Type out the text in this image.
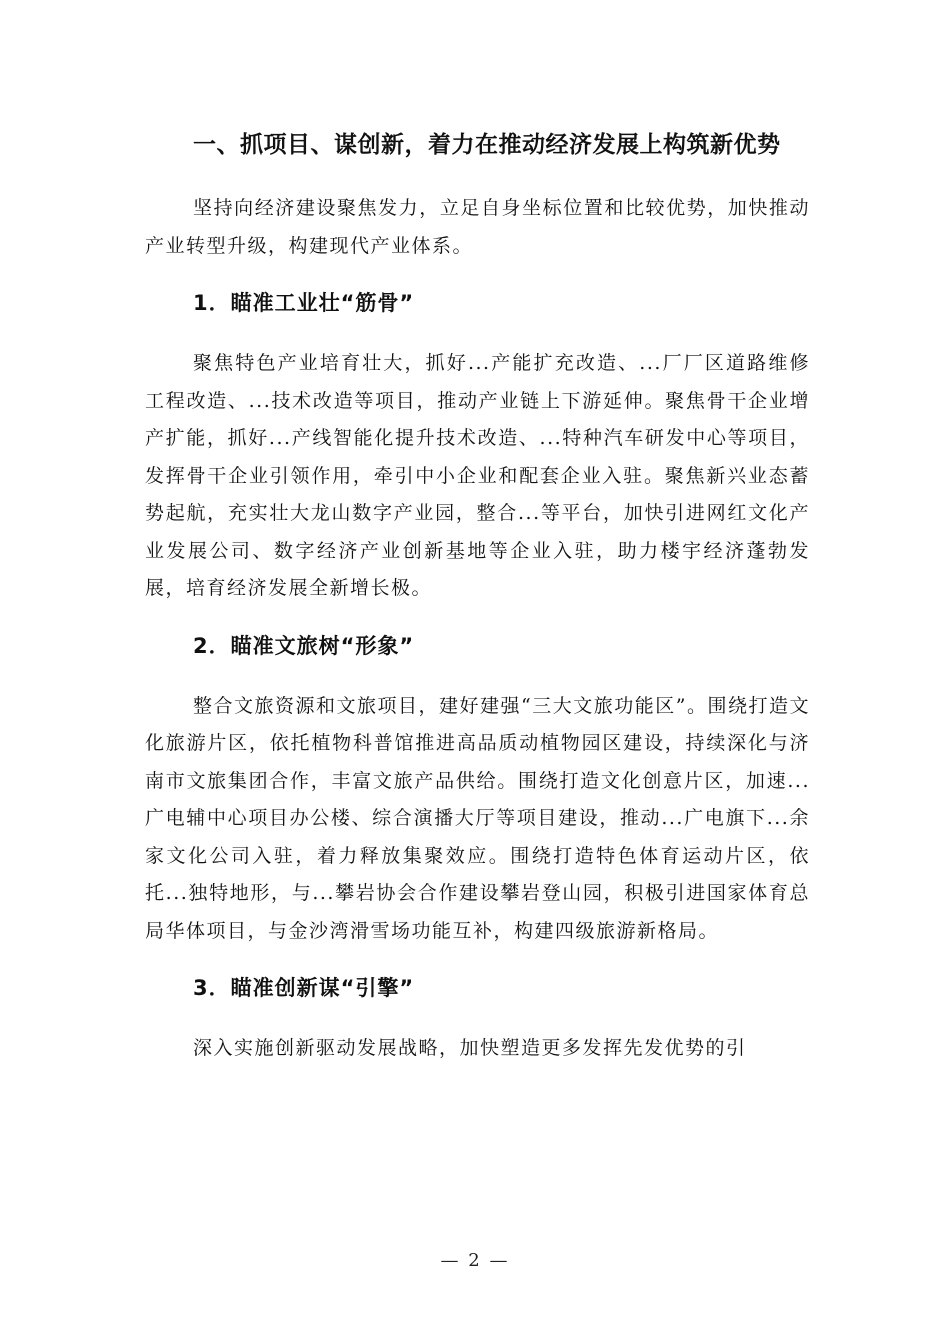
一、抓项目、谋创新，着力在推动经济发展上构筑新优势

坚持向经济建设聚焦发力，立足自身坐标位置和比较优势，加快推动产业转型升级，构建现代产业体系。

1．瞄准工业壮“筋骨”

聚焦特色产业培育壮大，抓好...产能扩充改造、...厂厂区道路维修工程改造、...技术改造等项目，推动产业链上下游延伸。聚焦骨干企业增产扩能，抓好...产线智能化提升技术改造、...特种汽车研发中心等项目，发挥骨干企业引领作用，牵引中小企业和配套企业入驻。聚焦新兴业态蓄势起航，充实壮大龙山数字产业园，整合...等平台，加快引进网红文化产业发展公司、数字经济产业创新基地等企业入驻，助力楼宇经济蓬勃发展，培育经济发展全新增长极。

2．瞄准文旅树“形象”

整合文旅资源和文旅项目，建好建强“三大文旅功能区”。围绕打造文化旅游片区，依托植物科普馆推进高品质动植物园区建设，持续深化与济南市文旅集团合作，丰富文旅产品供给。围绕打造文化创意片区，加速...广电辅中心项目办公楼、综合演播大厅等项目建设，推动...广电旗下...余家文化公司入驻，着力释放集聚效应。围绕打造特色体育运动片区，依托...独特地形，与...攀岩协会合作建设攀岩登山园，积极引进国家体育总局华体项目，与金沙湾滑雪场功能互补，构建四级旅游新格局。

3．瞄准创新谋“引擎”

深入实施创新驱动发展战略，加快塑造更多发挥先发优势的引

— 2 —
